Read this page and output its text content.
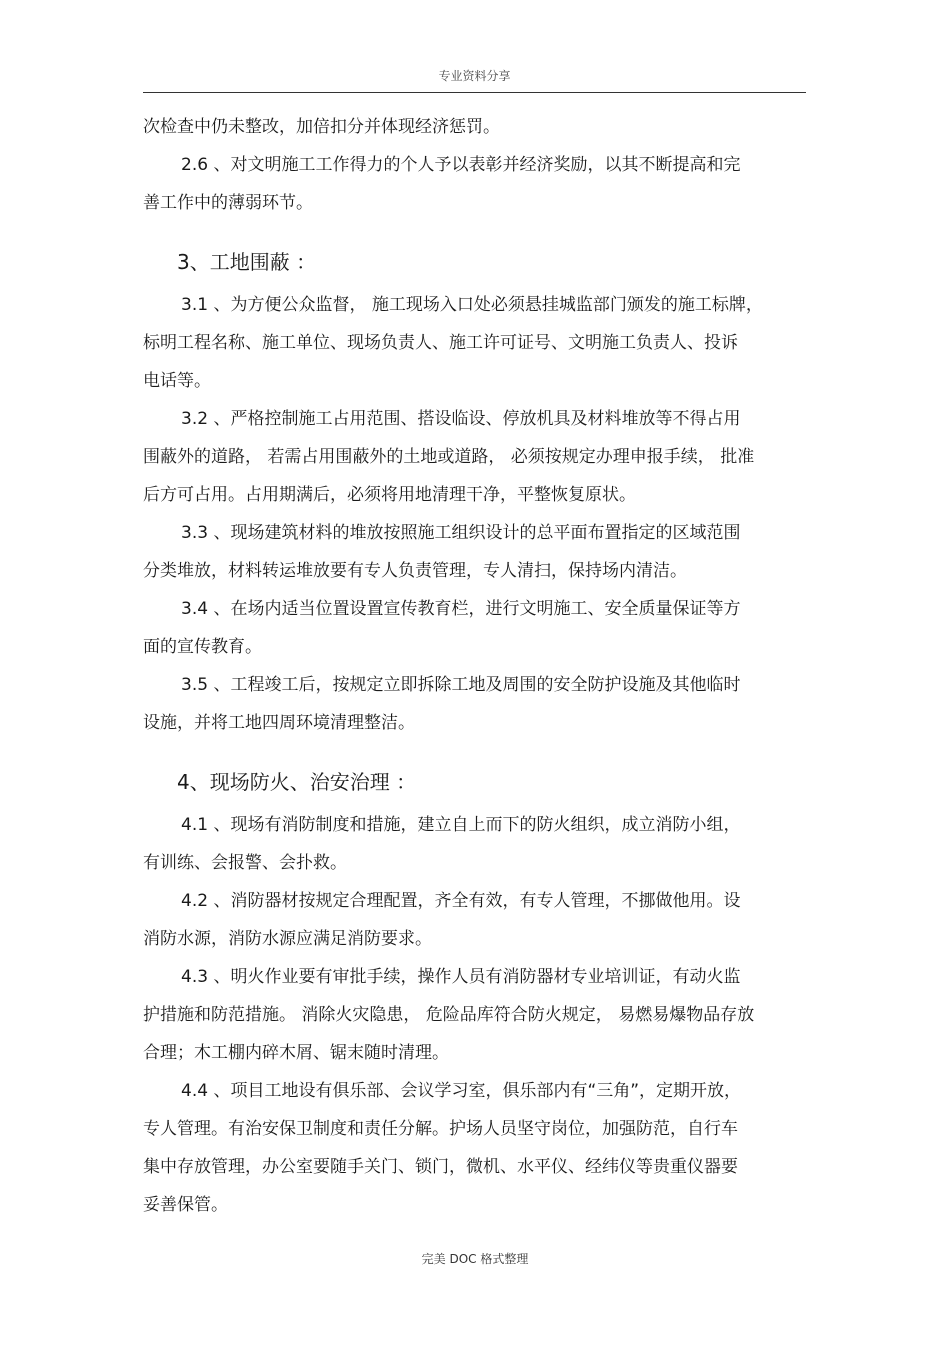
专业资料分享
次检查中仍未整改，加倍扣分并体现经济惩罚。
2.6 、对文明施工工作得力的个人予以表彰并经济奖励，以其不断提高和完
善工作中的薄弱环节。
3、工地围蔽 ：
3.1 、为方便公众监督， 施工现场入口处必须悬挂城监部门颁发的施工标牌，
标明工程名称、施工单位、现场负责人、施工许可证号、文明施工负责人、投诉
电话等。
3.2 、严格控制施工占用范围、搭设临设、停放机具及材料堆放等不得占用
围蔽外的道路， 若需占用围蔽外的土地或道路， 必须按规定办理申报手续， 批准
后方可占用。占用期满后，必须将用地清理干净，平整恢复原状。
3.3 、现场建筑材料的堆放按照施工组织设计的总平面布置指定的区域范围
分类堆放，材料转运堆放要有专人负责管理，专人清扫，保持场内清洁。
3.4 、在场内适当位置设置宣传教育栏，进行文明施工、安全质量保证等方
面的宣传教育。
3.5 、工程竣工后，按规定立即拆除工地及周围的安全防护设施及其他临时
设施，并将工地四周环境清理整洁。
4、现场防火、治安治理 ：
4.1 、现场有消防制度和措施，建立自上而下的防火组织，成立消防小组，
有训练、会报警、会扑救。
4.2 、消防器材按规定合理配置，齐全有效，有专人管理，不挪做他用。设
消防水源，消防水源应满足消防要求。
4.3 、明火作业要有审批手续，操作人员有消防器材专业培训证，有动火监
护措施和防范措施。 消除火灾隐患， 危险品库符合防火规定， 易燃易爆物品存放
合理；木工棚内碎木屑、锯末随时清理。
4.4 、项目工地设有俱乐部、会议学习室，俱乐部内有“三角”，定期开放，
专人管理。有治安保卫制度和责任分解。护场人员坚守岗位，加强防范，自行车
集中存放管理，办公室要随手关门、锁门，微机、水平仪、经纬仪等贵重仪器要
妥善保管。
完美 DOC 格式整理
